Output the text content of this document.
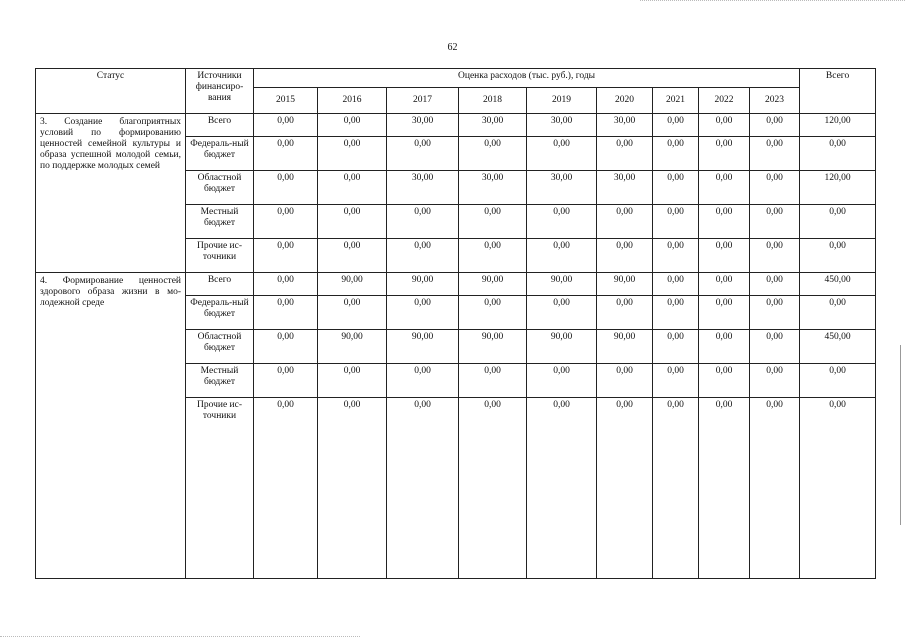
62
Статус	Источники финансиро-вания	Оценка расходов (тыс. руб.), годы									Всего
		2015	2016	2017	2018	2019	2020	2021	2022	2023	
3. Создание благоприятных условий по формированию ценностей семейной культуры и образа успешной молодой семьи, по поддержке молодых семей	Всего	0,00	0,00	30,00	30,00	30,00	30,00	0,00	0,00	0,00	120,00
	Федераль-ный бюджет	0,00	0,00	0,00	0,00	0,00	0,00	0,00	0,00	0,00	0,00
	Областной бюджет	0,00	0,00	30,00	30,00	30,00	30,00	0,00	0,00	0,00	120,00
	Местный бюджет	0,00	0,00	0,00	0,00	0,00	0,00	0,00	0,00	0,00	0,00
	Прочие ис-точники	0,00	0,00	0,00	0,00	0,00	0,00	0,00	0,00	0,00	0,00
4. Формирование ценностей здорового образа жизни в мо-лодежной среде	Всего	0,00	90,00	90,00	90,00	90,00	90,00	0,00	0,00	0,00	450,00
	Федераль-ный бюджет	0,00	0,00	0,00	0,00	0,00	0,00	0,00	0,00	0,00	0,00
	Областной бюджет	0,00	90,00	90,00	90,00	90,00	90,00	0,00	0,00	0,00	450,00
	Местный бюджет	0,00	0,00	0,00	0,00	0,00	0,00	0,00	0,00	0,00	0,00
	Прочие ис-точники	0,00	0,00	0,00	0,00	0,00	0,00	0,00	0,00	0,00	0,00
